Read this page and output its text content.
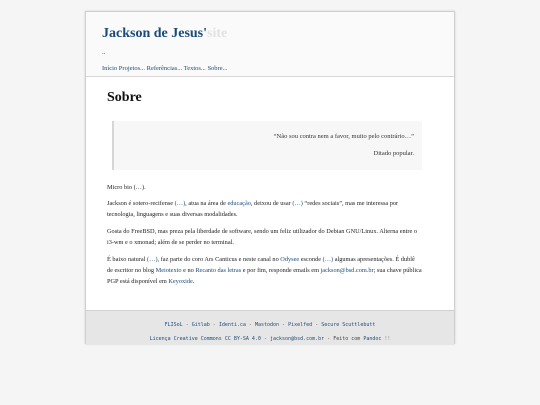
Jackson de Jesus'site
..
Início Projetos... Referências... Textos... Sobre...
Sobre

“Não sou contra nem a favor, muito pelo contrário…”

Ditado popular.

Micro bio (…).

Jackson é sotero-recifense (…), atua na área de educação, deixou de usar (…) “redes sociais”, mas me interessa por tecnologia, linguagens e suas diversas modalidades.

Gosta do FreeBSD, mas preza pela liberdade de software, sendo um feliz utilizador do Debian GNU/Linux. Alterna entre o i3-wm e o xmonad; além de se perder no terminal.

É baixo natural (…), faz parte do coro Ars Canticus e neste canal no Odysee esconde (…) algumas apresentações. É dublê de escritor no blog Meiotexto e no Recanto das letras e por fim, responde emails em jackson@bsd.com.br; sua chave pública PGP está disponível em Keyoxide.

FLISoL - Gitlab - Identi.ca - Mastodon - Pixelfed - Secure Scuttlebutt
Licença Creative Commons CC BY-SA 4.0 - jackson@bsd.com.br - Feito com Pandoc !!
